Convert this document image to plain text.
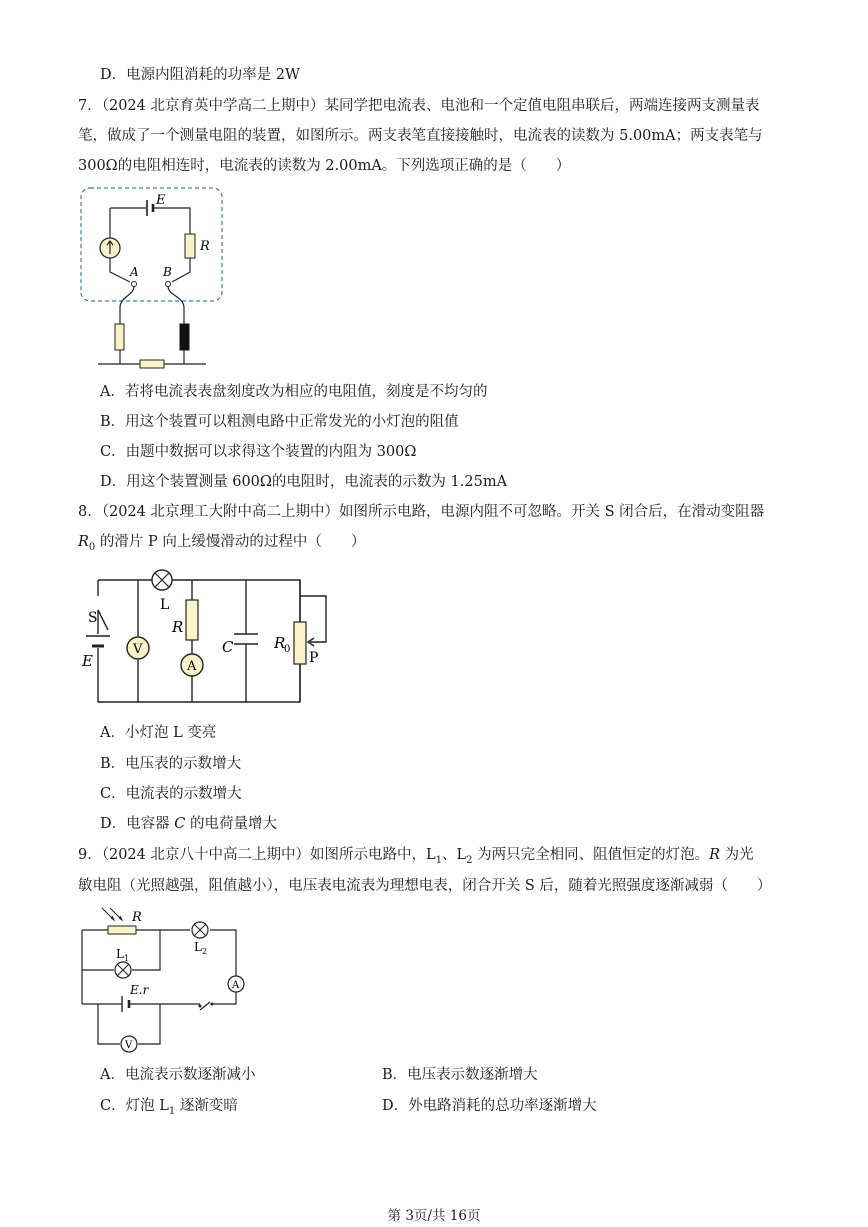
D．电源内阻消耗的功率是 2W
7．（2024 北京育英中学高二上期中）某同学把电流表、电池和一个定值电阻串联后，两端连接两支测量表
笔，做成了一个测量电阻的装置，如图所示。两支表笔直接接触时，电流表的读数为 5.00mA；两支表笔与
300Ω的电阻相连时，电流表的读数为 2.00mA。下列选项正确的是（　　）
E
R
A B
A．若将电流表表盘刻度改为相应的电阻值，刻度是不均匀的
B．用这个装置可以粗测电路中正常发光的小灯泡的阻值
C．由题中数据可以求得这个装置的内阻为 300Ω
D．用这个装置测量 600Ω的电阻时，电流表的示数为 1.25mA
8．（2024 北京理工大附中高二上期中）如图所示电路，电源内阻不可忽略。开关 S 闭合后，在滑动变阻器
$R_0$ 的滑片 P 向上缓慢滑动的过程中（　　）
L
S
E
V
R
A
C	R
0
P
A．小灯泡 L 变亮
B．电压表的示数增大
C．电流表的示数增大
D．电容器 C 的电荷量增大
9．（2024 北京八十中高二上期中）如图所示电路中，$L_1$、$L_2$ 为两只完全相同、阻值恒定的灯泡。R 为光
敏电阻（光照越强，阻值越小），电压表电流表为理想电表，闭合开关 S 后，随着光照强度逐渐减弱（　　）
R
L 2
L 1
A
E.r
V
A．电流表示数逐渐减小	B．电压表示数逐渐增大
C．灯泡 $L_1$ 逐渐变暗	D．外电路消耗的总功率逐渐增大
第 3页/共 16页
